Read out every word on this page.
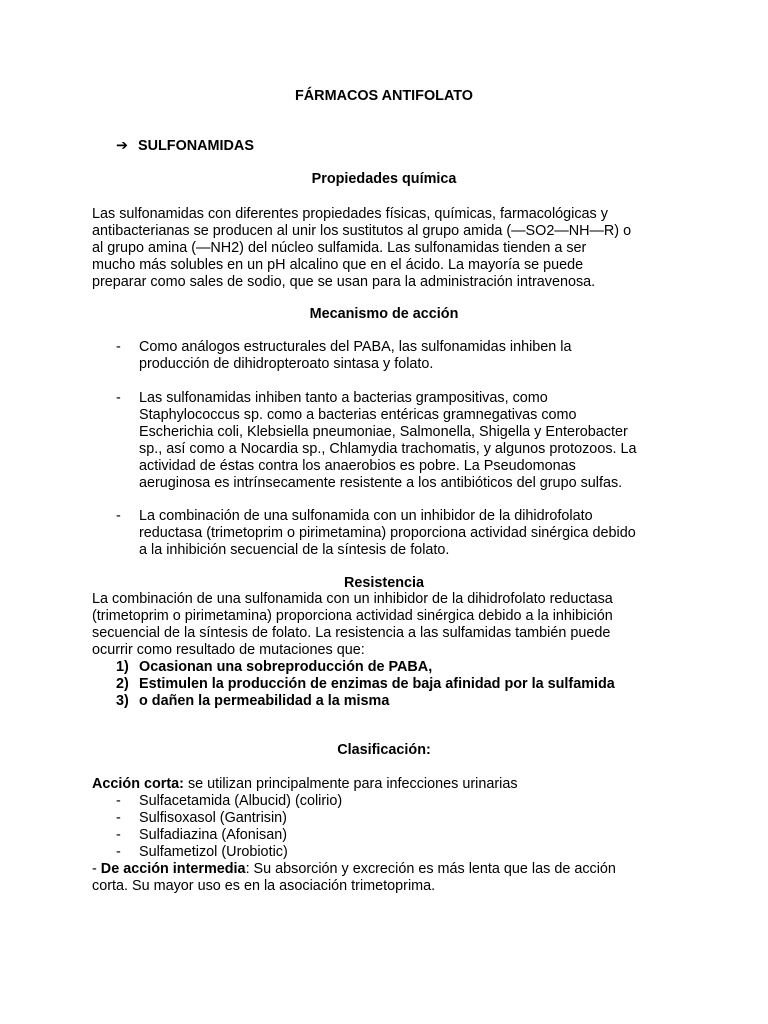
FÁRMACOS ANTIFOLATO
➔ SULFONAMIDAS
Propiedades química
Las sulfonamidas con diferentes propiedades físicas, químicas, farmacológicas y
antibacterianas se producen al unir los sustitutos al grupo amida (—SO2—NH—R) o
al grupo amina (—NH2) del núcleo sulfamida. Las sulfonamidas tienden a ser
mucho más solubles en un pH alcalino que en el ácido. La mayoría se puede
preparar como sales de sodio, que se usan para la administración intravenosa.
Mecanismo de acción
- Como análogos estructurales del PABA, las sulfonamidas inhiben la
producción de dihidropteroato sintasa y folato.
- Las sulfonamidas inhiben tanto a bacterias grampositivas, como
Staphylococcus sp. como a bacterias entéricas gramnegativas como
Escherichia coli, Klebsiella pneumoniae, Salmonella, Shigella y Enterobacter
sp., así como a Nocardia sp., Chlamydia trachomatis, y algunos protozoos. La
actividad de éstas contra los anaerobios es pobre. La Pseudomonas
aeruginosa es intrínsecamente resistente a los antibióticos del grupo sulfas.
- La combinación de una sulfonamida con un inhibidor de la dihidrofolato
reductasa (trimetoprim o pirimetamina) proporciona actividad sinérgica debido
a la inhibición secuencial de la síntesis de folato.
Resistencia
La combinación de una sulfonamida con un inhibidor de la dihidrofolato reductasa
(trimetoprim o pirimetamina) proporciona actividad sinérgica debido a la inhibición
secuencial de la síntesis de folato. La resistencia a las sulfamidas también puede
ocurrir como resultado de mutaciones que:
1) Ocasionan una sobreproducción de PABA,
2) Estimulen la producción de enzimas de baja afinidad por la sulfamida
3) o dañen la permeabilidad a la misma
Clasificación:
Acción corta: se utilizan principalmente para infecciones urinarias
- Sulfacetamida (Albucid) (colirio)
- Sulfisoxasol (Gantrisin)
- Sulfadiazina (Afonisan)
- Sulfametizol (Urobiotic)
- De acción intermedia: Su absorción y excreción es más lenta que las de acción
corta. Su mayor uso es en la asociación trimetoprima.
